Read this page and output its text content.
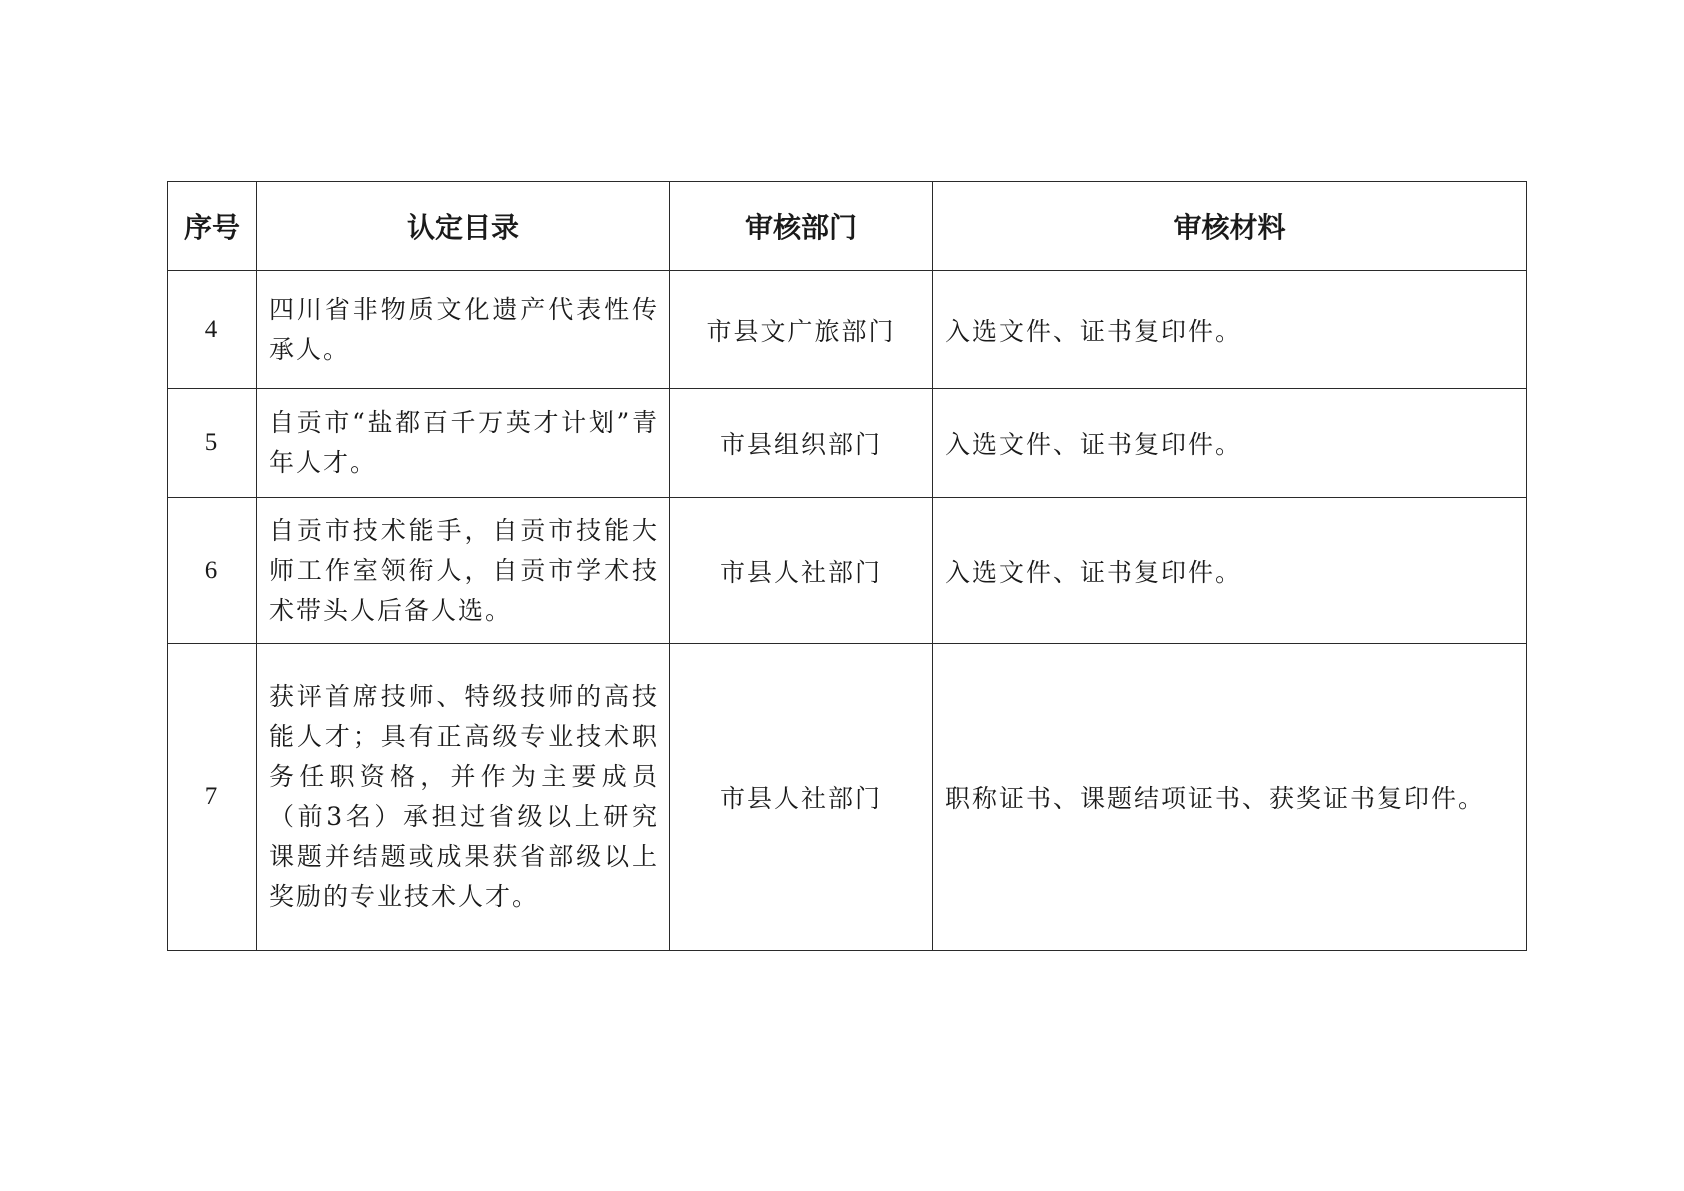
序号	认定目录	审核部门	审核材料
4	四川省非物质文化遗产代表性传承人。	市县文广旅部门	入选文件、证书复印件。
5	自贡市“盐都百千万英才计划”青年人才。	市县组织部门	入选文件、证书复印件。
6	自贡市技术能手，自贡市技能大师工作室领衔人，自贡市学术技术带头人后备人选。	市县人社部门	入选文件、证书复印件。
7	获评首席技师、特级技师的高技能人才；具有正高级专业技术职务任职资格，并作为主要成员（前3名）承担过省级以上研究课题并结题或成果获省部级以上奖励的专业技术人才。	市县人社部门	职称证书、课题结项证书、获奖证书复印件。
